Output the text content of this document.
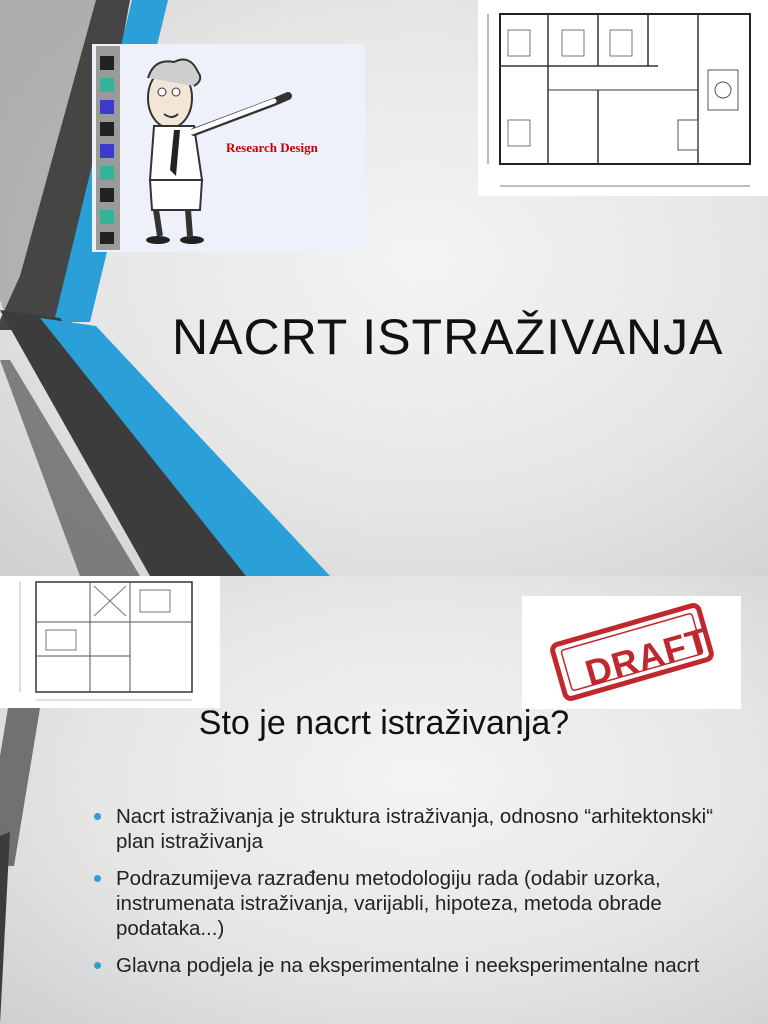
Research Design
NACRT ISTRAŽIVANJA
DRAFT
Sto je nacrt istraživanja?
Nacrt istraživanja je struktura istraživanja, odnosno “arhitektonski“ plan istraživanja
Podrazumijeva razrađenu metodologiju rada (odabir uzorka, instrumenata istraživanja, varijabli, hipoteza, metoda obrade podataka...)
Glavna podjela je na eksperimentalne i neeksperimentalne nacrt
